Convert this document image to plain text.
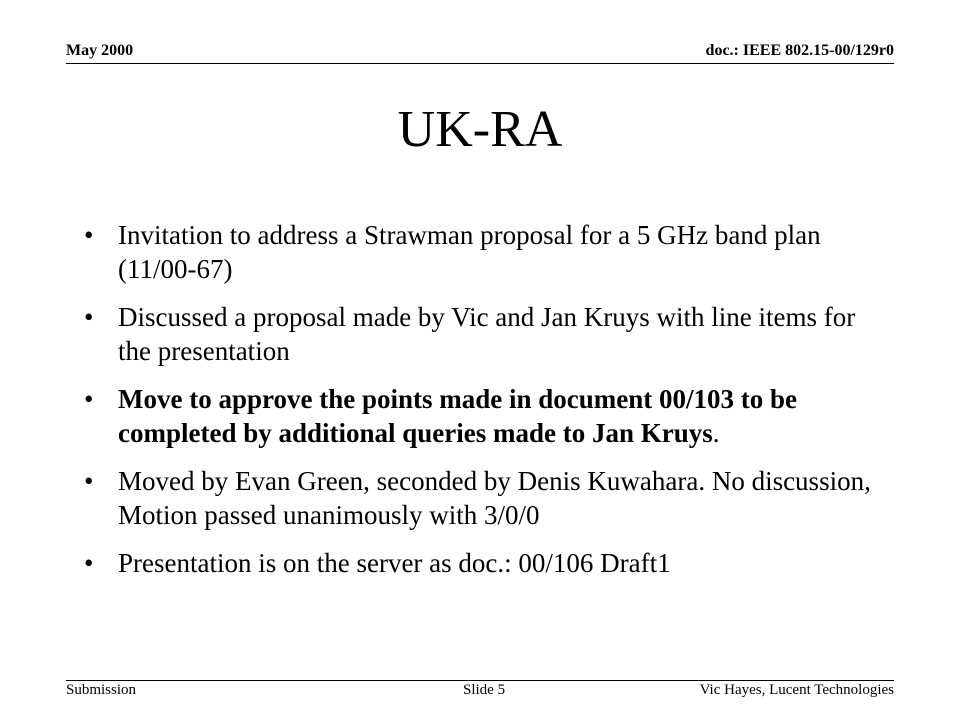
May 2000	doc.: IEEE 802.15-00/129r0
UK-RA
• Invitation to address a Strawman proposal for a 5 GHz band plan (11/00-67)
• Discussed a proposal made by Vic and Jan Kruys with line items for the presentation
• Move to approve the points made in document 00/103 to be completed by additional queries made to Jan Kruys.
• Moved by Evan Green, seconded by Denis Kuwahara. No discussion, Motion passed unanimously with 3/0/0
• Presentation is on the server as doc.: 00/106 Draft1
Submission	Slide 5	Vic Hayes, Lucent Technologies
